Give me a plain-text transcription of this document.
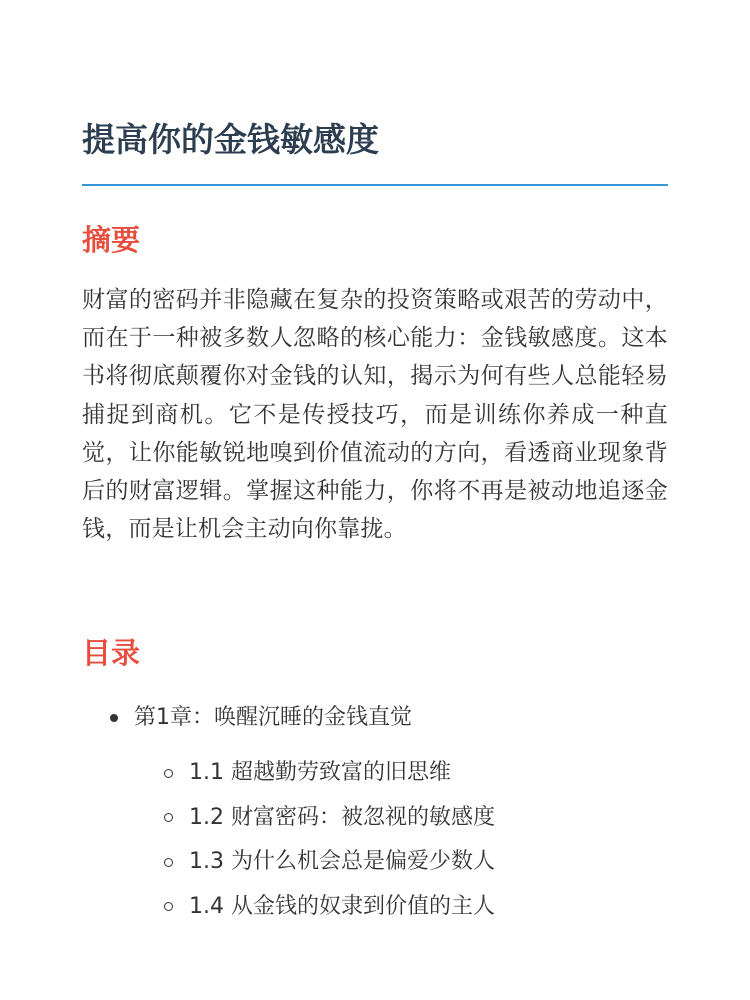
提高你的金钱敏感度
摘要

财富的密码并非隐藏在复杂的投资策略或艰苦的劳动中，而在于一种被多数人忽略的核心能力：金钱敏感度。这本书将彻底颠覆你对金钱的认知，揭示为何有些人总能轻易捕捉到商机。它不是传授技巧，而是训练你养成一种直觉，让你能敏锐地嗅到价值流动的方向，看透商业现象背后的财富逻辑。掌握这种能力，你将不再是被动地追逐金钱，而是让机会主动向你靠拢。

目录
第1章：唤醒沉睡的金钱直觉
1.1 超越勤劳致富的旧思维
1.2 财富密码：被忽视的敏感度
1.3 为什么机会总是偏爱少数人
1.4 从金钱的奴隶到价值的主人
